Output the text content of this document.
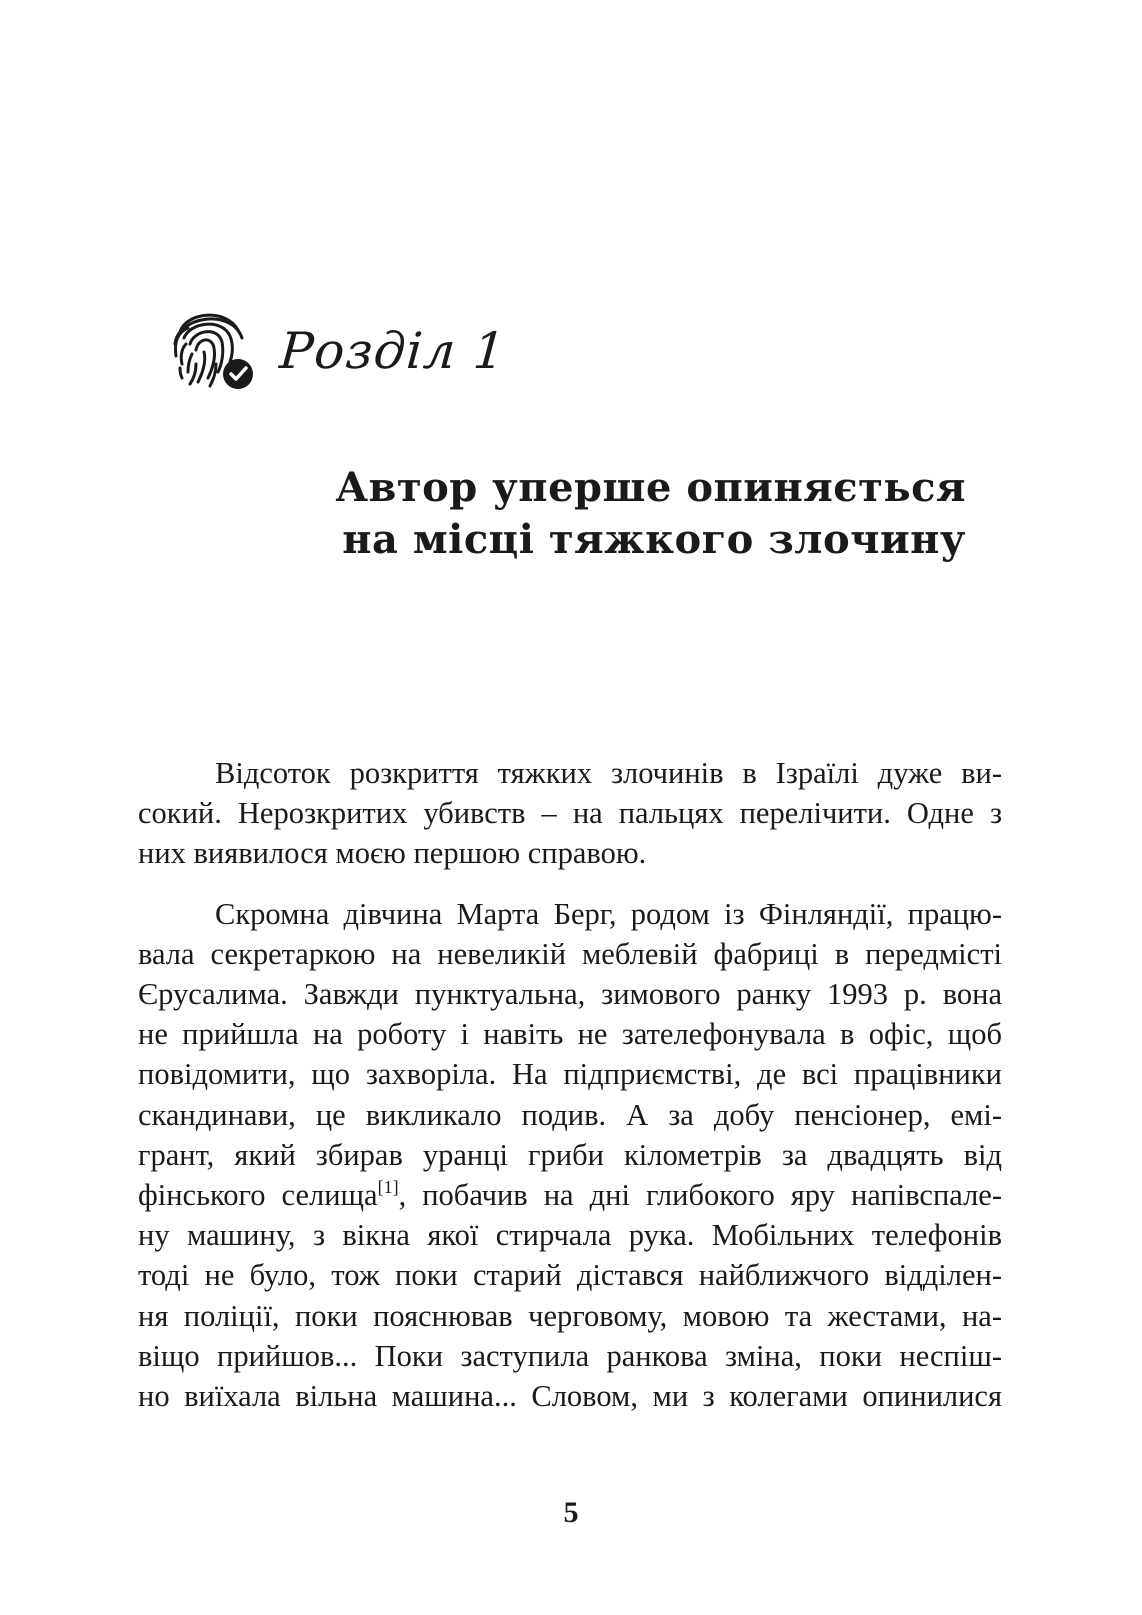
Розділ 1
Автор уперше опиняється
на місці тяжкого злочину

Відсоток розкриття тяжких злочинів в Ізраїлі дуже ви-
сокий. Нерозкритих убивств – на пальцях перелічити. Одне з
них виявилося моєю першою справою.

Скромна дівчина Марта Берг, родом із Фінляндії, працю-
вала секретаркою на невеликій меблевій фабриці в передмісті
Єрусалима. Завжди пунктуальна, зимового ранку 1993 р. вона
не прийшла на роботу і навіть не зателефонувала в офіс, щоб
повідомити, що захворіла. На підприємстві, де всі працівники
скандинави, це викликало подив. А за добу пенсіонер, емі-
грант, який збирав уранці гриби кілометрів за двадцять від
фінського селища[1], побачив на дні глибокого яру напівспале-
ну машину, з вікна якої стирчала рука. Мобільних телефонів
тоді не було, тож поки старий дістався найближчого відділен-
ня поліції, поки пояснював черговому, мовою та жестами, на-
віщо прийшов... Поки заступила ранкова зміна, поки неспіш-
но виїхала вільна машина... Словом, ми з колегами опинилися

5
